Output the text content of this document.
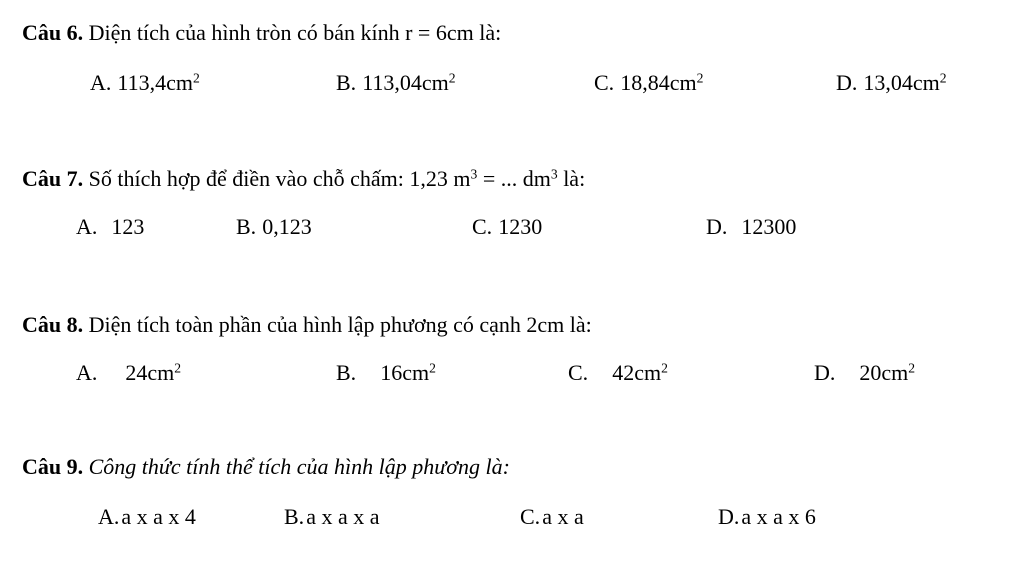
Câu 6. Diện tích của hình tròn có bán kính r = 6cm là:
A. $113,4cm^2$	B. $113,04cm^2$	C. $18,84cm^2$	D. $13,04cm^2$
Câu 7. Số thích hợp để điền vào chỗ chấm: 1,23 $m^3$ = ... $dm^3$ là:
A. 123	B. 0,123	C. 1230	D. 12300
Câu 8. Diện tích toàn phần của hình lập phương có cạnh 2cm là:
A. $24cm^2$	B. $16cm^2$	C. $42cm^2$	D. $20cm^2$
Câu 9. Công thức tính thể tích của hình lập phương là:
A.a x a x 4	B.a x a x a	C.a x a	D.a x a x 6
